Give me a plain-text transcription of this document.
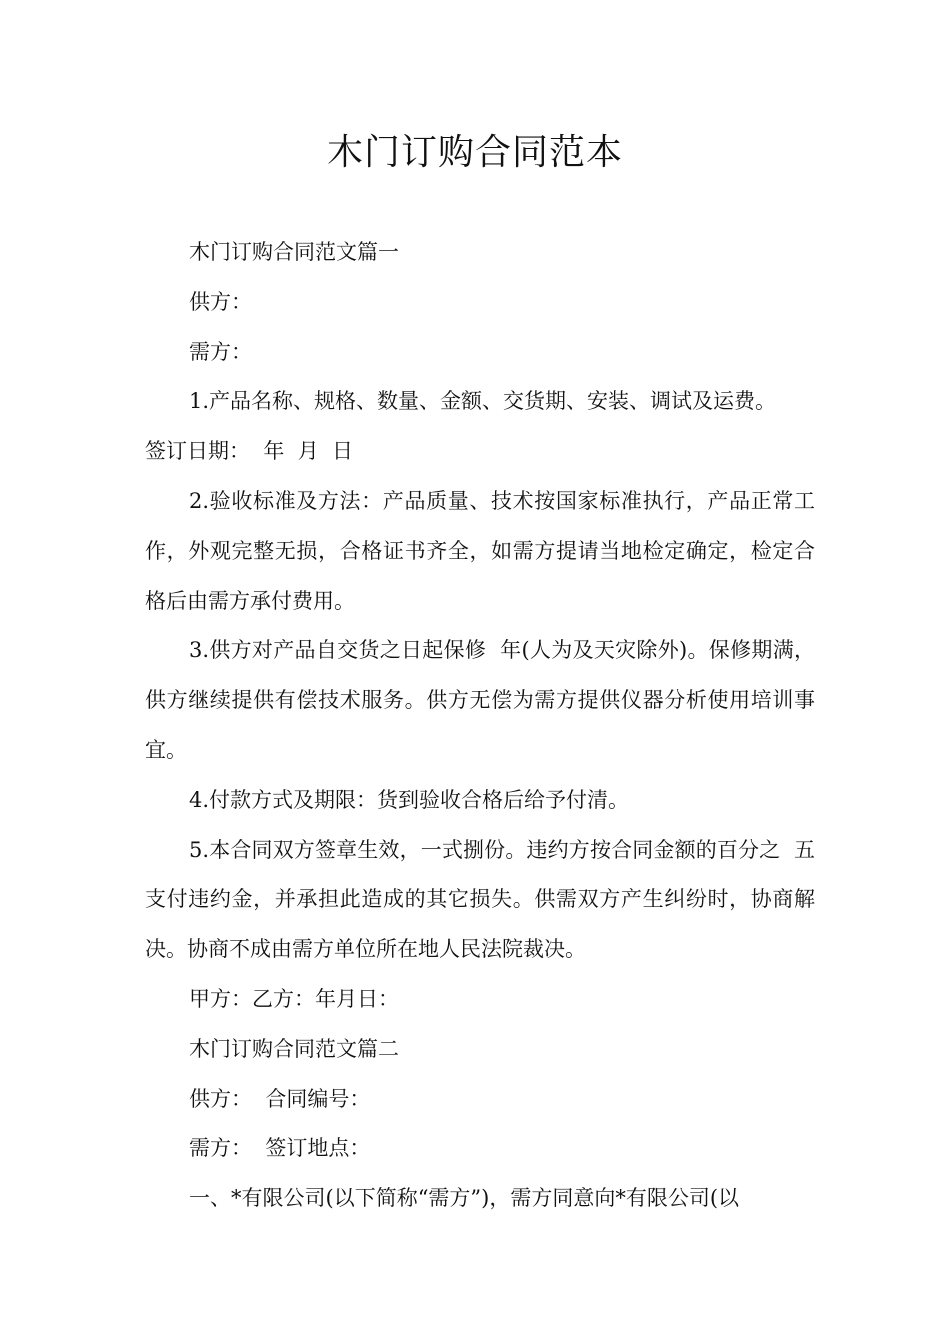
木门订购合同范本

木门订购合同范文篇一

供方：

需方：

1.产品名称、规格、数量、金额、交货期、安装、调试及运费。

签订日期：  年  月  日

2.验收标准及方法：产品质量、技术按国家标准执行，产品正常工作，外观完整无损，合格证书齐全，如需方提请当地检定确定，检定合格后由需方承付费用。

3.供方对产品自交货之日起保修  年(人为及天灾除外)。保修期满，供方继续提供有偿技术服务。供方无偿为需方提供仪器分析使用培训事宜。

4.付款方式及期限：货到验收合格后给予付清。

5.本合同双方签章生效，一式捌份。违约方按合同金额的百分之  五  支付违约金，并承担此造成的其它损失。供需双方产生纠纷时，协商解决。协商不成由需方单位所在地人民法院裁决。

甲方：乙方：年月日：

木门订购合同范文篇二

供方：  合同编号：

需方：  签订地点：

一、*有限公司(以下简称“需方”)，需方同意向*有限公司(以
